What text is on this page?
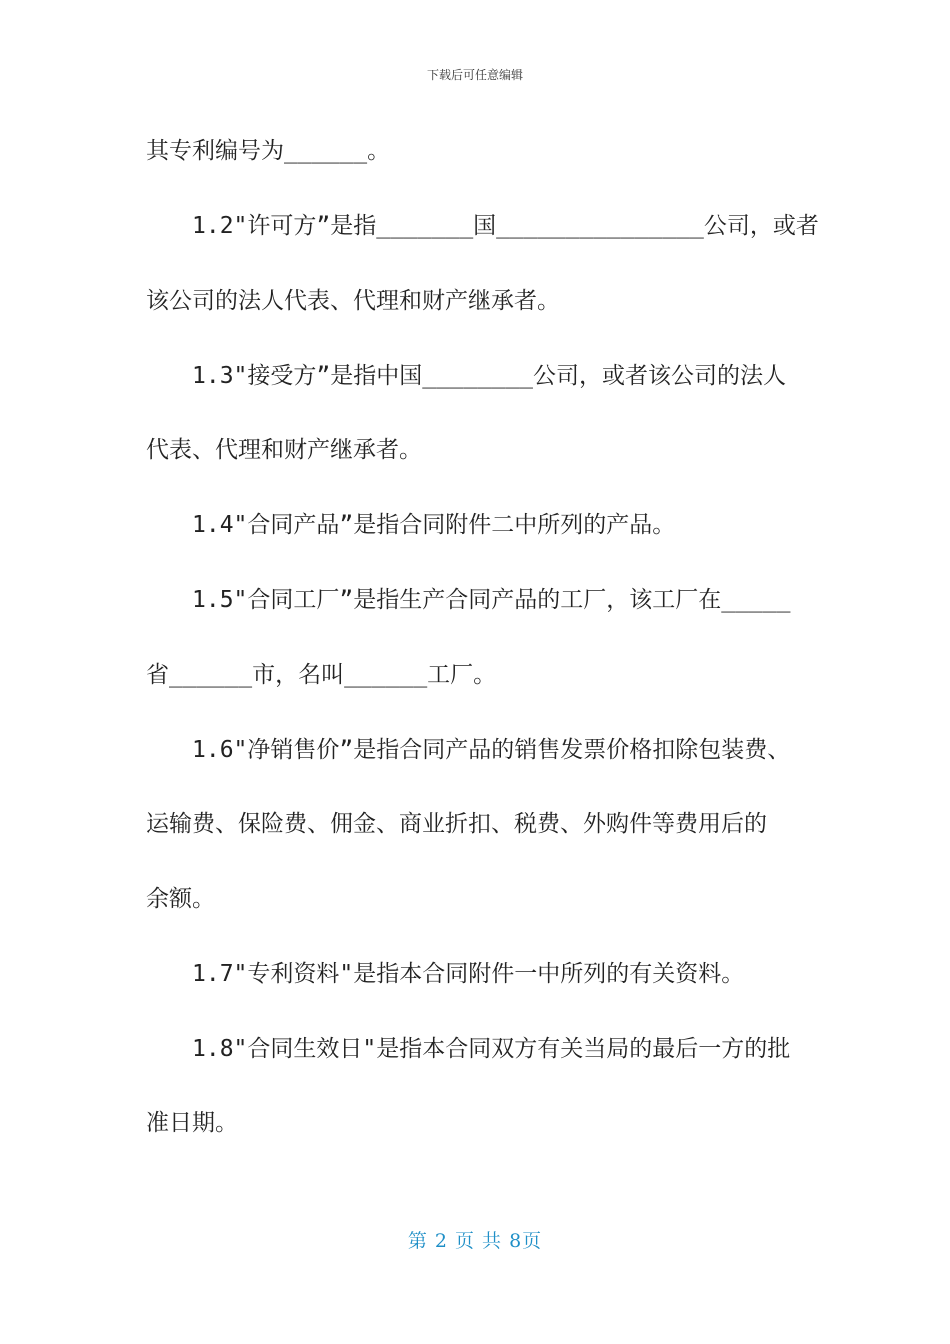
下载后可任意编辑
其专利编号为______。
1.2"许可方”是指_______国_______________公司，或者
该公司的法人代表、代理和财产继承者。
1.3"接受方”是指中国________公司，或者该公司的法人
代表、代理和财产继承者。
1.4"合同产品”是指合同附件二中所列的产品。
1.5"合同工厂”是指生产合同产品的工厂，该工厂在_____
省______市，名叫______工厂。
1.6"净销售价”是指合同产品的销售发票价格扣除包装费、
运输费、保险费、佣金、商业折扣、税费、外购件等费用后的
余额。
1.7"专利资料"是指本合同附件一中所列的有关资料。
1.8"合同生效日"是指本合同双方有关当局的最后一方的批
准日期。
第 2 页 共 8页
